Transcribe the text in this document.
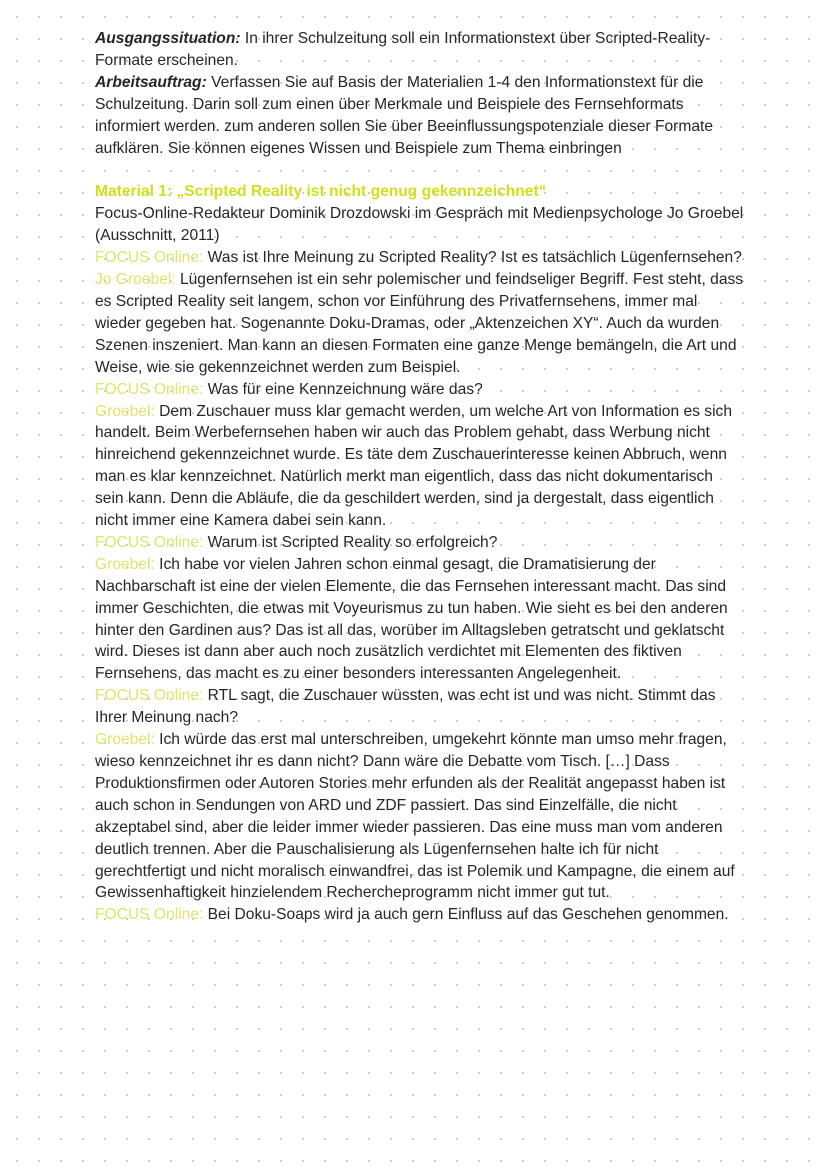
Ausgangssituation: In ihrer Schulzeitung soll ein Informationstext über Scripted-Reality-Formate erscheinen.

Arbeitsauftrag: Verfassen Sie auf Basis der Materialien 1-4 den Informationstext für die Schulzeitung. Darin soll zum einen über Merkmale und Beispiele des Fernsehformats informiert werden. zum anderen sollen Sie über Beeinflussungspotenziale dieser Formate aufklären. Sie können eigenes Wissen und Beispiele zum Thema einbringen

Material 1: „Scripted Reality ist nicht genug gekennzeichnet“

Focus-Online-Redakteur Dominik Drozdowski im Gespräch mit Medienpsychologe Jo Groebel (Ausschnitt, 2011)

FOCUS Online: Was ist Ihre Meinung zu Scripted Reality? Ist es tatsächlich Lügenfernsehen?

Jo Groebel: Lügenfernsehen ist ein sehr polemischer und feindseliger Begriff. Fest steht, dass es Scripted Reality seit langem, schon vor Einführung des Privatfernsehens, immer mal wieder gegeben hat. Sogenannte Doku-Dramas, oder „Aktenzeichen XY“. Auch da wurden Szenen inszeniert. Man kann an diesen Formaten eine ganze Menge bemängeln, die Art und Weise, wie sie gekennzeichnet werden zum Beispiel.

FOCUS Online: Was für eine Kennzeichnung wäre das?

Groebel: Dem Zuschauer muss klar gemacht werden, um welche Art von Information es sich handelt. Beim Werbefernsehen haben wir auch das Problem gehabt, dass Werbung nicht hinreichend gekennzeichnet wurde. Es täte dem Zuschauerinteresse keinen Abbruch, wenn man es klar kennzeichnet. Natürlich merkt man eigentlich, dass das nicht dokumentarisch sein kann. Denn die Abläufe, die da geschildert werden, sind ja dergestalt, dass eigentlich nicht immer eine Kamera dabei sein kann.

FOCUS Online: Warum ist Scripted Reality so erfolgreich?

Groebel: Ich habe vor vielen Jahren schon einmal gesagt, die Dramatisierung der Nachbarschaft ist eine der vielen Elemente, die das Fernsehen interessant macht. Das sind immer Geschichten, die etwas mit Voyeurismus zu tun haben. Wie sieht es bei den anderen hinter den Gardinen aus? Das ist all das, worüber im Alltagsleben getratscht und geklatscht wird. Dieses ist dann aber auch noch zusätzlich verdichtet mit Elementen des fiktiven Fernsehens, das macht es zu einer besonders interessanten Angelegenheit.

FOCUS Online: RTL sagt, die Zuschauer wüssten, was echt ist und was nicht. Stimmt das Ihrer Meinung nach?

Groebel: Ich würde das erst mal unterschreiben, umgekehrt könnte man umso mehr fragen, wieso kennzeichnet ihr es dann nicht? Dann wäre die Debatte vom Tisch. […] Dass Produktionsfirmen oder Autoren Stories mehr erfunden als der Realität angepasst haben ist auch schon in Sendungen von ARD und ZDF passiert. Das sind Einzelfälle, die nicht akzeptabel sind, aber die leider immer wieder passieren. Das eine muss man vom anderen deutlich trennen. Aber die Pauschalisierung als Lügenfernsehen halte ich für nicht gerechtfertigt und nicht moralisch einwandfrei, das ist Polemik und Kampagne, die einem auf Gewissenhaftigkeit hinzielendem Rechercheprogramm nicht immer gut tut.

FOCUS Online: Bei Doku-Soaps wird ja auch gern Einfluss auf das Geschehen genommen.
